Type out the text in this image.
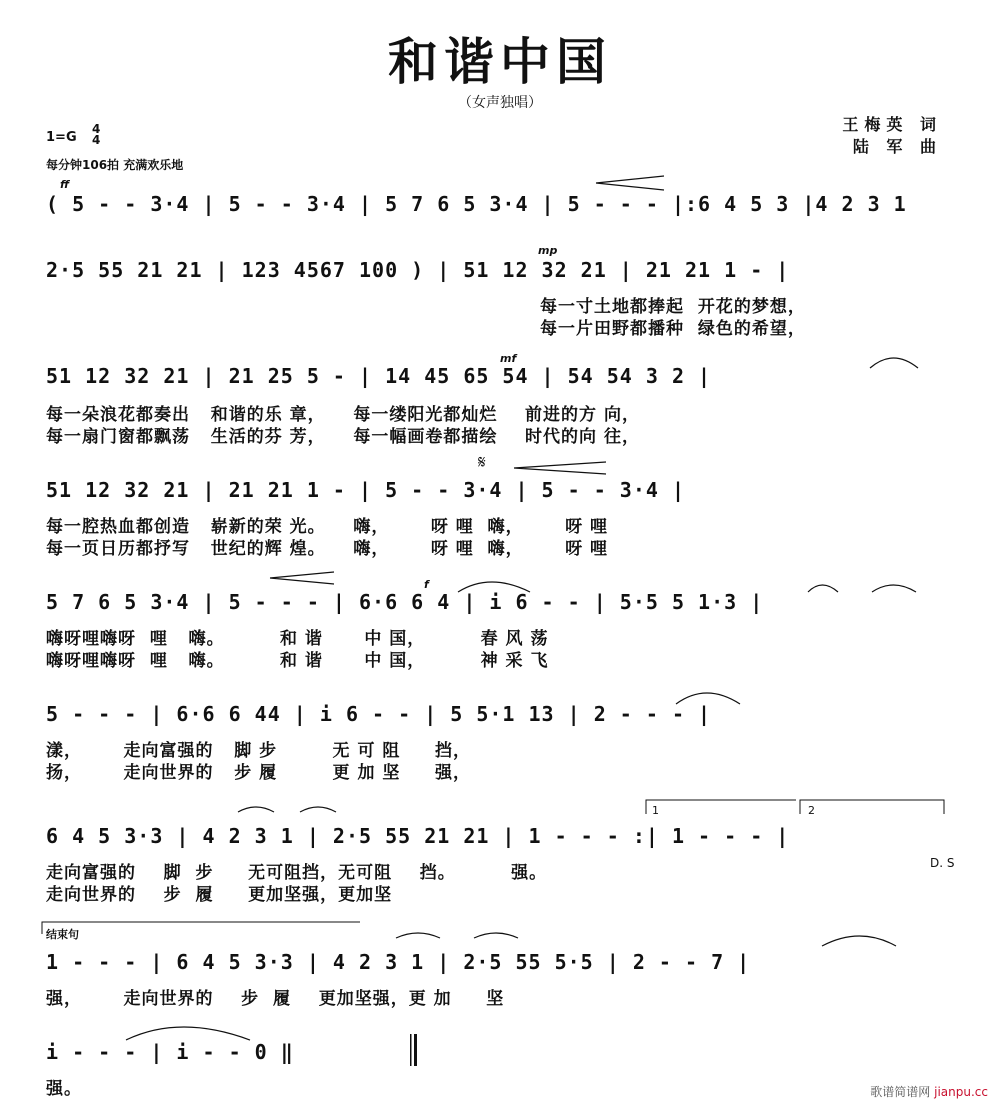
和谐中国
（女声独唱）
王梅英 词
陆 军 曲
1=G
4
4
每分钟106拍 充满欢乐地
ff
mp
mf
f
𝄋
D. S
1	2
结束句
( 5 - - 3·4 | 5 - - 3·4 | 5 7 6 5 3·4 | 5 - - - |:6 4 5 3 |4 2 3 1
2·5 55 21 21 | 123 4567 100 ) | 51 12 32 21 | 21 21 1 - |
每一寸土地都捧起  开花的梦想，
每一片田野都播种  绿色的希望，
51 12 32 21 | 21 25 5 - | 14 45 65 54 | 54 54 3 2 |
每一朵浪花都奏出   和谐的乐 章，    每一缕阳光都灿烂    前进的方 向，
每一扇门窗都飘荡   生活的芬 芳，    每一幅画卷都描绘    时代的向 往，
51 12 32 21 | 21 21 1 - | 5 - - 3·4 | 5 - - 3·4 |
每一腔热血都创造   崭新的荣 光。    嗨，      呀 哩  嗨，      呀 哩
每一页日历都抒写   世纪的辉 煌。    嗨，      呀 哩  嗨，      呀 哩
5 7 6 5 3·4 | 5 - - - | 6·6 6 4 | i 6 - - | 5·5 5 1·3 |
嗨呀哩嗨呀  哩   嗨。        和 谐      中 国，        春 风 荡
嗨呀哩嗨呀  哩   嗨。        和 谐      中 国，        神 采 飞
5 - - - | 6·6 6 44 | i 6 - - | 5 5·1 13 | 2 - - - |
漾，      走向富强的   脚 步        无 可 阻     挡，
扬，      走向世界的   步 履        更 加 坚     强，
6 4 5 3·3 | 4 2 3 1 | 2·5 55 21 21 | 1 - - - :| 1 - - - |
走向富强的    脚  步     无可阻挡，无可阻    挡。        强。
走向世界的    步  履     更加坚强，更加坚
1 - - - | 6 4 5 3·3 | 4 2 3 1 | 2·5 55 5·5 | 2 - - 7 |
强，      走向世界的    步  履    更加坚强，更 加     坚
i - - - | i - - 0 ‖
强。	歌谱简谱网 jianpu.cc
